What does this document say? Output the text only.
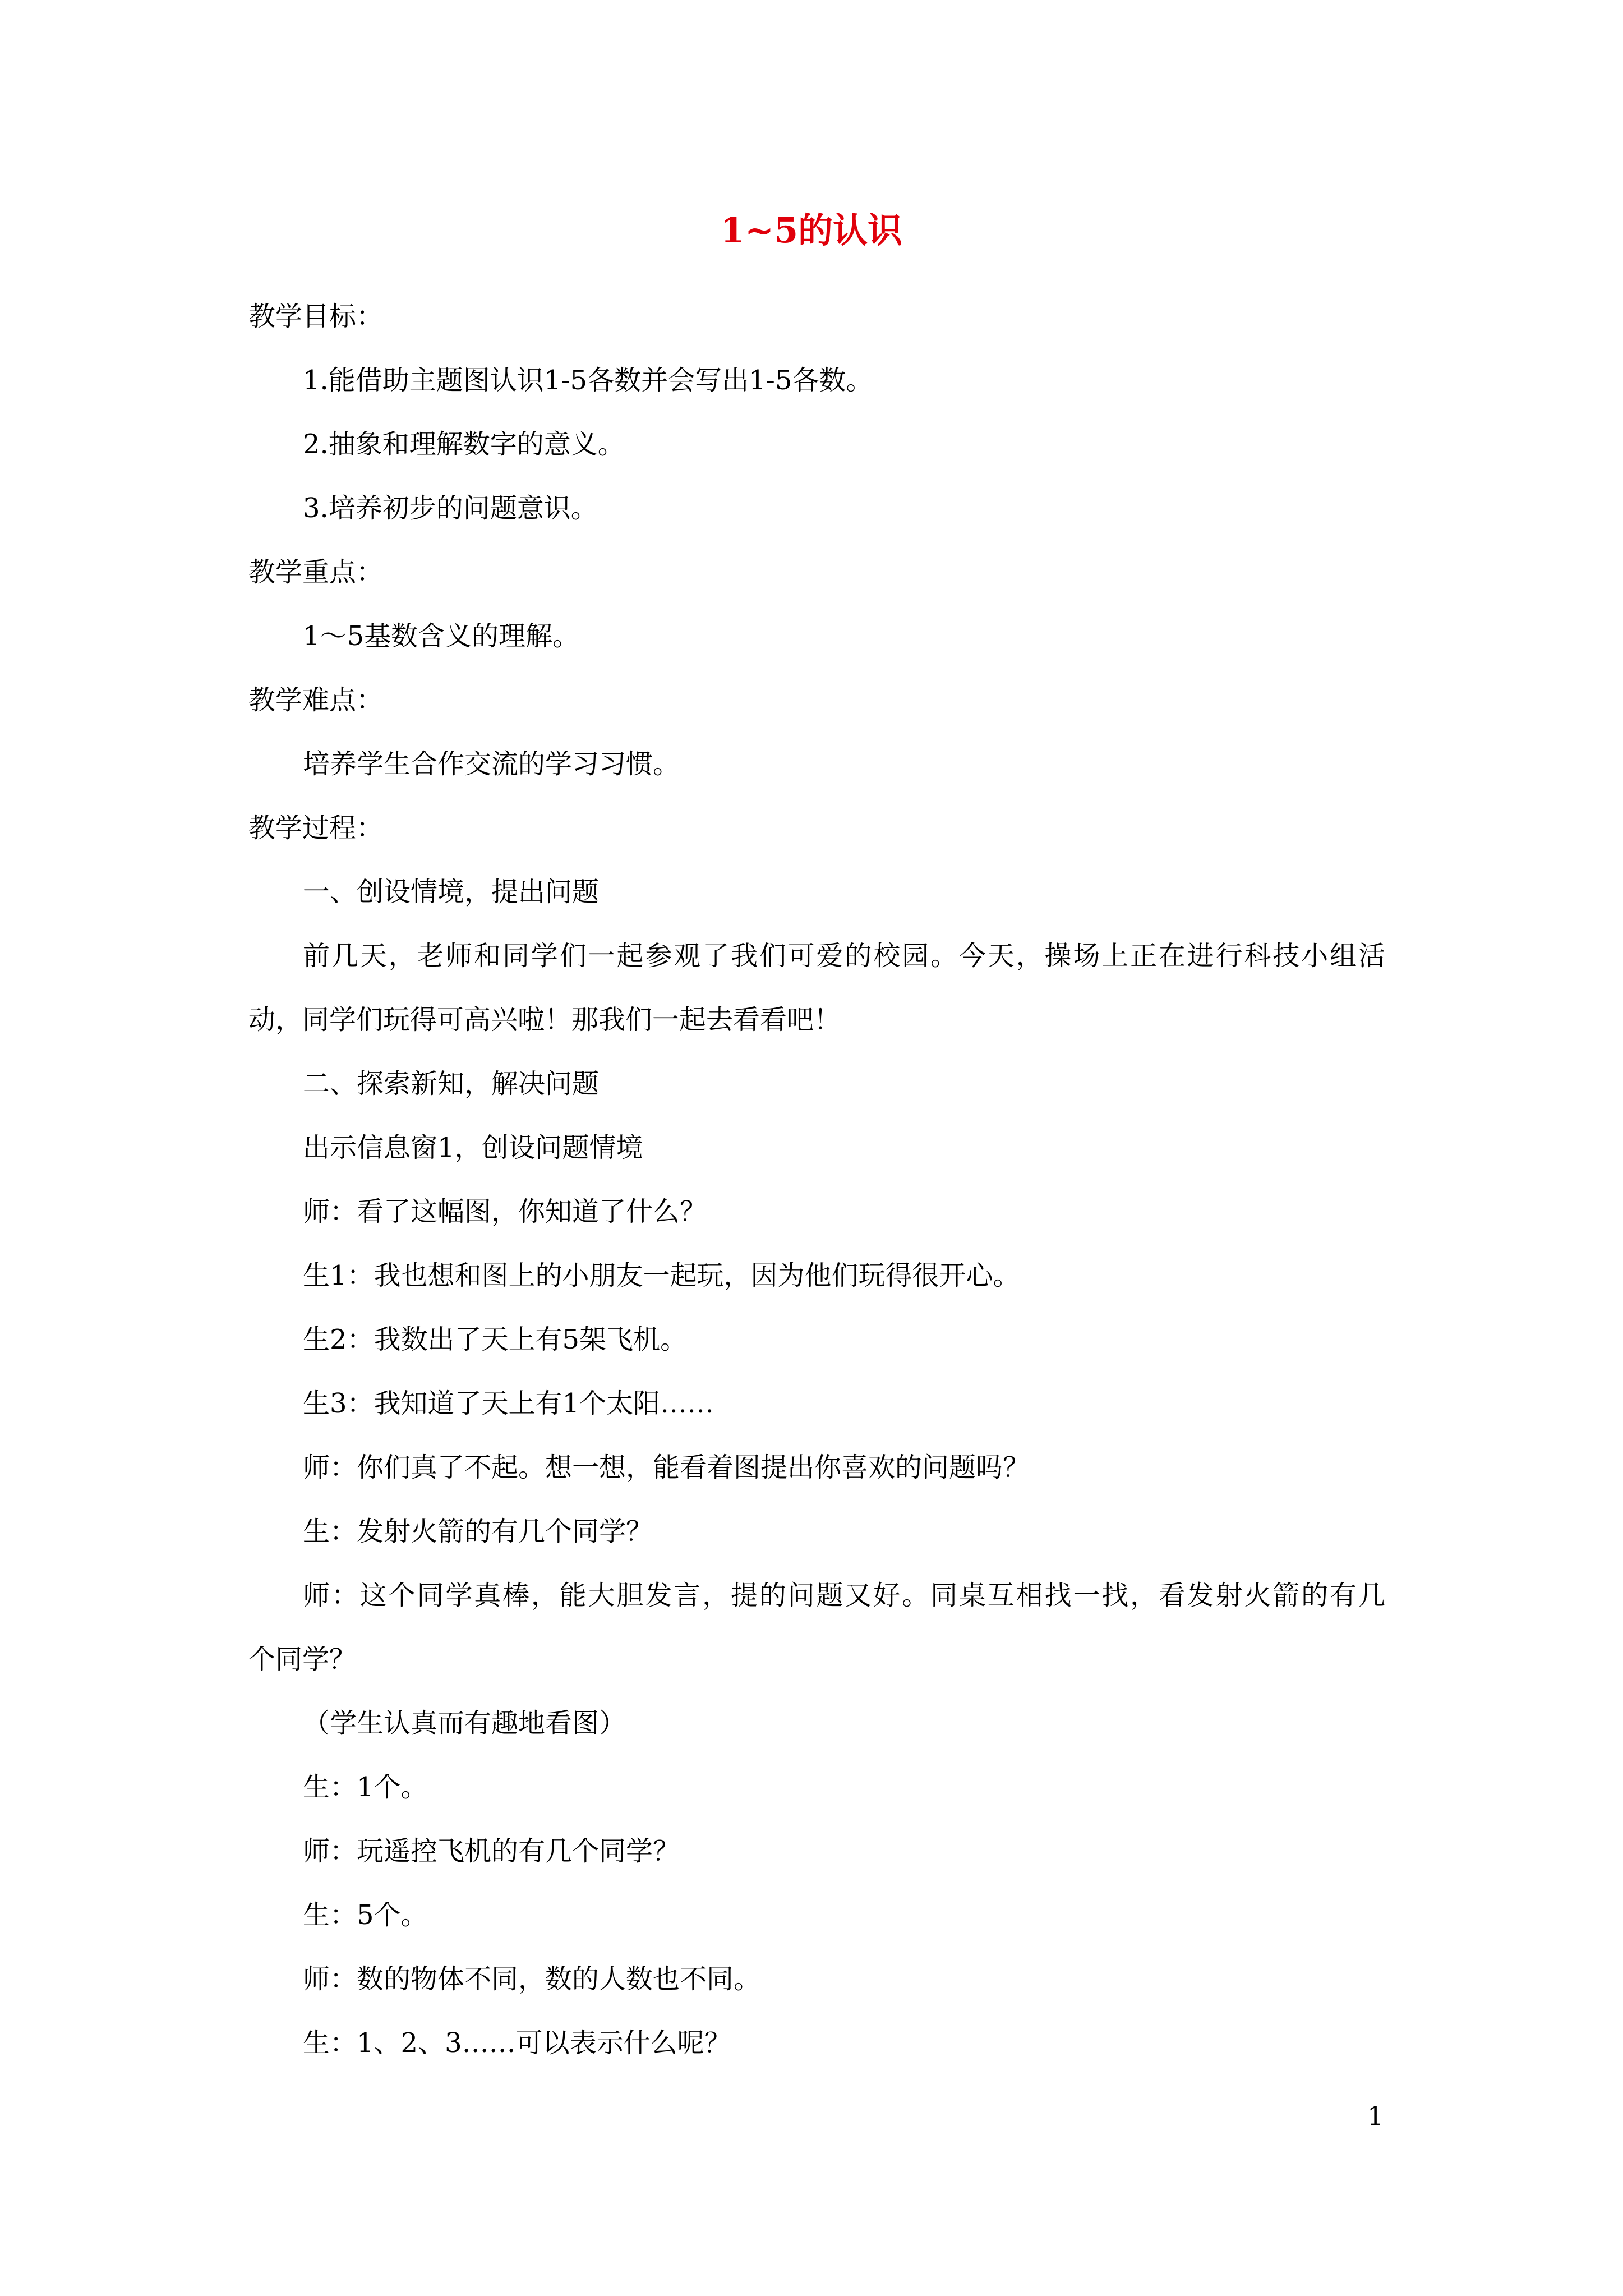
1~5的认识
教学目标：
1.能借助主题图认识1-5各数并会写出1-5各数。
2.抽象和理解数字的意义。
3.培养初步的问题意识。
教学重点：
1～5基数含义的理解。
教学难点：
培养学生合作交流的学习习惯。
教学过程：
一、创设情境，提出问题
前几天，老师和同学们一起参观了我们可爱的校园。今天，操场上正在进行科技小组活
动，同学们玩得可高兴啦！那我们一起去看看吧！
二、探索新知，解决问题
出示信息窗1，创设问题情境
师：看了这幅图，你知道了什么？
生1：我也想和图上的小朋友一起玩，因为他们玩得很开心。
生2：我数出了天上有5架飞机。
生3：我知道了天上有1个太阳……
师：你们真了不起。想一想，能看着图提出你喜欢的问题吗？
生：发射火箭的有几个同学？
师：这个同学真棒，能大胆发言，提的问题又好。同桌互相找一找，看发射火箭的有几
个同学？
（学生认真而有趣地看图）
生：1个。
师：玩遥控飞机的有几个同学？
生：5个。
师：数的物体不同，数的人数也不同。
生：1、2、3……可以表示什么呢？
1
